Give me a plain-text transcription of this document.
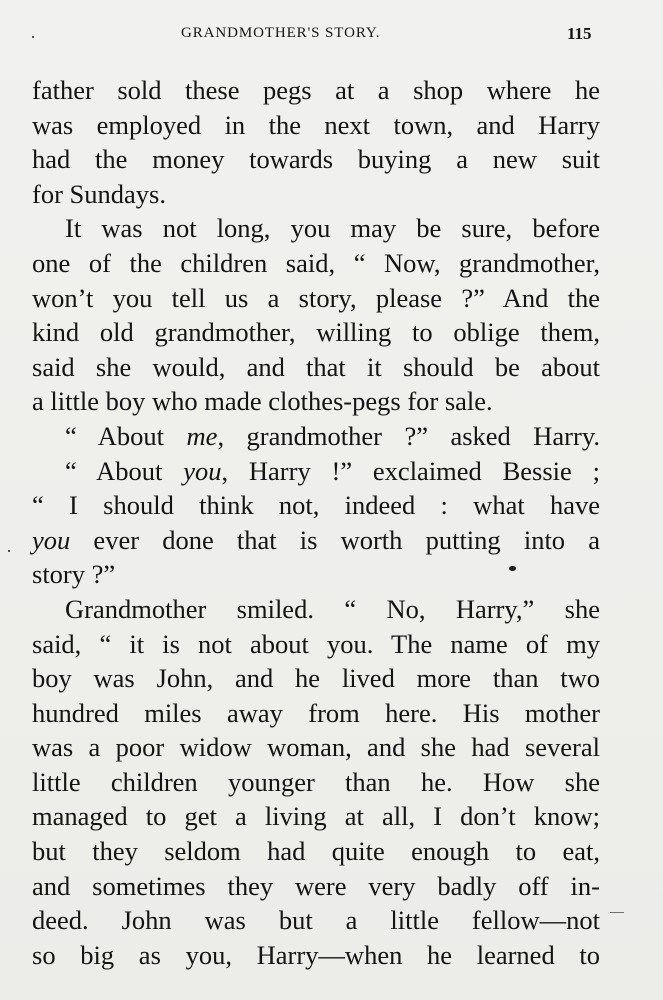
GRANDMOTHER'S STORY.	115
father sold these pegs at a shop where he
was employed in the next town, and Harry
had the money towards buying a new suit
for Sundays.
It was not long, you may be sure, before
one of the children said, “ Now, grandmother,
won’t you tell us a story, please ?” And the
kind old grandmother, willing to oblige them,
said she would, and that it should be about
a little boy who made clothes-pegs for sale.
“ About me, grandmother ?” asked Harry.
“ About you, Harry !” exclaimed Bessie ;
“ I should think not, indeed : what have
you ever done that is worth putting into a
story ?”
Grandmother smiled. “ No, Harry,” she
said, “ it is not about you. The name of my
boy was John, and he lived more than two
hundred miles away from here. His mother
was a poor widow woman, and she had several
little children younger than he. How she
managed to get a living at all, I don’t know;
but they seldom had quite enough to eat,
and sometimes they were very badly off in-
deed. John was but a little fellow—not
so big as you, Harry—when he learned to
